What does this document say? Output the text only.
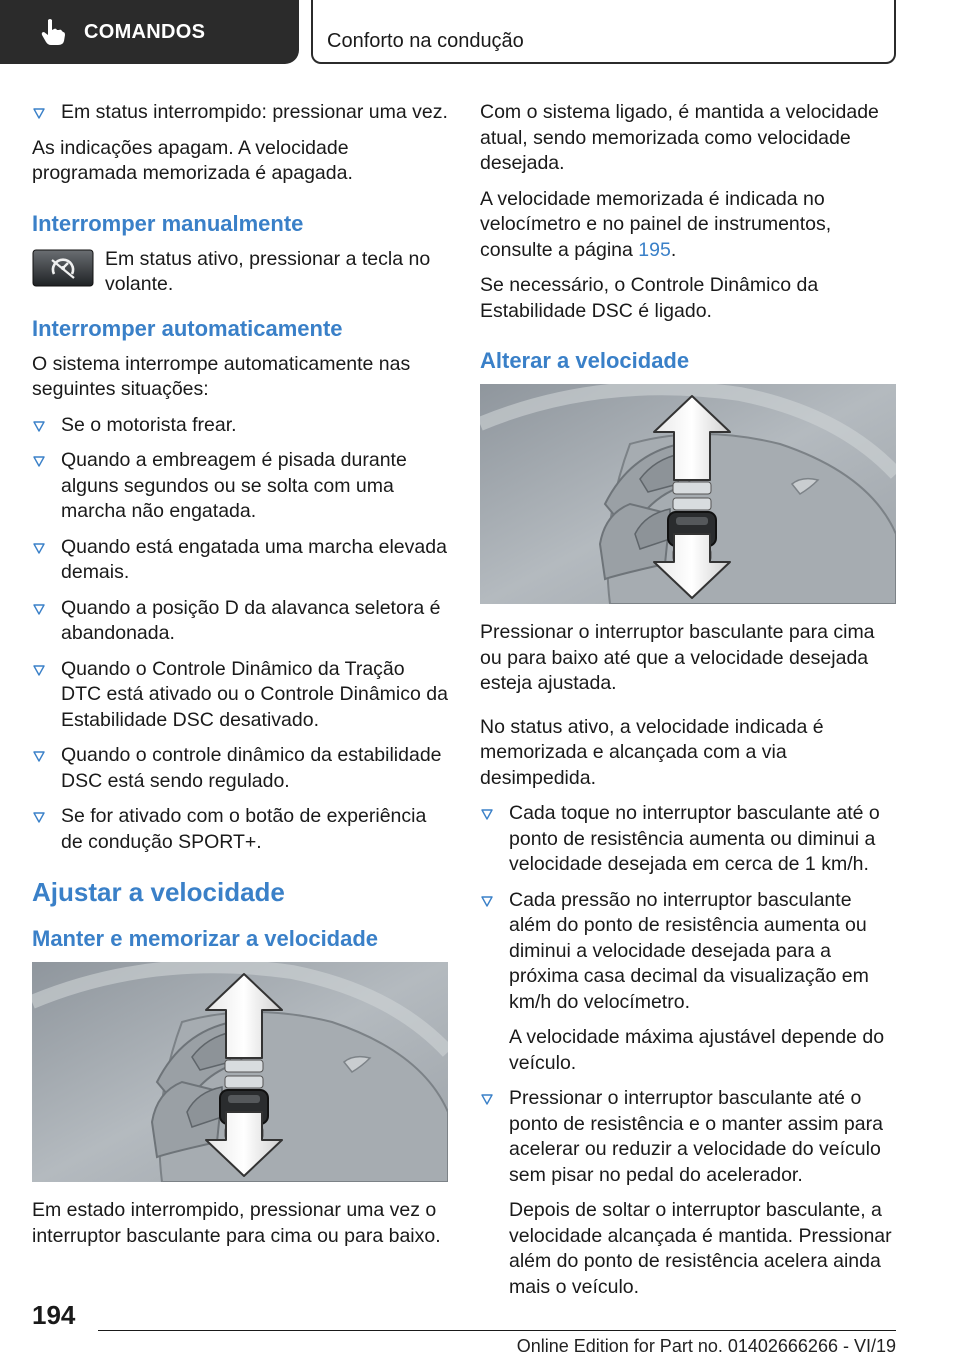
COMANDOS	Conforto na condução
Em status interrompido: pressionar uma vez.

As indicações apagam. A velocidade programada memorizada é apagada.

Interromper manualmente

Em status ativo, pressionar a tecla no volante.

Interromper automaticamente

O sistema interrompe automaticamente nas seguintes situações:

Se o motorista frear.
Quando a embreagem é pisada durante alguns segundos ou se solta com uma marcha não engatada.
Quando está engatada uma marcha elevada demais.
Quando a posição D da alavanca seletora é abandonada.
Quando o Controle Dinâmico da Tração DTC está ativado ou o Controle Dinâmico da Estabilidade DSC desativado.
Quando o controle dinâmico da estabilidade DSC está sendo regulado.
Se for ativado com o botão de experiência de condução SPORT+.
Ajustar a velocidade
Manter e memorizar a velocidade

Em estado interrompido, pressionar uma vez o interruptor basculante para cima ou para baixo.

Com o sistema ligado, é mantida a velocidade atual, sendo memorizada como velocidade desejada.

A velocidade memorizada é indicada no velocímetro e no painel de instrumentos, consulte a página 195.

Se necessário, o Controle Dinâmico da Estabilidade DSC é ligado.

Alterar a velocidade

Pressionar o interruptor basculante para cima ou para baixo até que a velocidade desejada esteja ajustada.

No status ativo, a velocidade indicada é memorizada e alcançada com a via desimpedida.

Cada toque no interruptor basculante até o ponto de resistência aumenta ou diminui a velocidade desejada em cerca de 1 km/h.
Cada pressão no interruptor basculante além do ponto de resistência aumenta ou diminui a velocidade desejada para a próxima casa decimal da visualização em km/h do velocímetro.
A velocidade máxima ajustável depende do veículo.
Pressionar o interruptor basculante até o ponto de resistência e o manter assim para acelerar ou reduzir a velocidade do veículo sem pisar no pedal do acelerador.
Depois de soltar o interruptor basculante, a velocidade alcançada é mantida. Pressionar além do ponto de resistência acelera ainda mais o veículo.
194
Online Edition for Part no. 01402666266 - VI/19
